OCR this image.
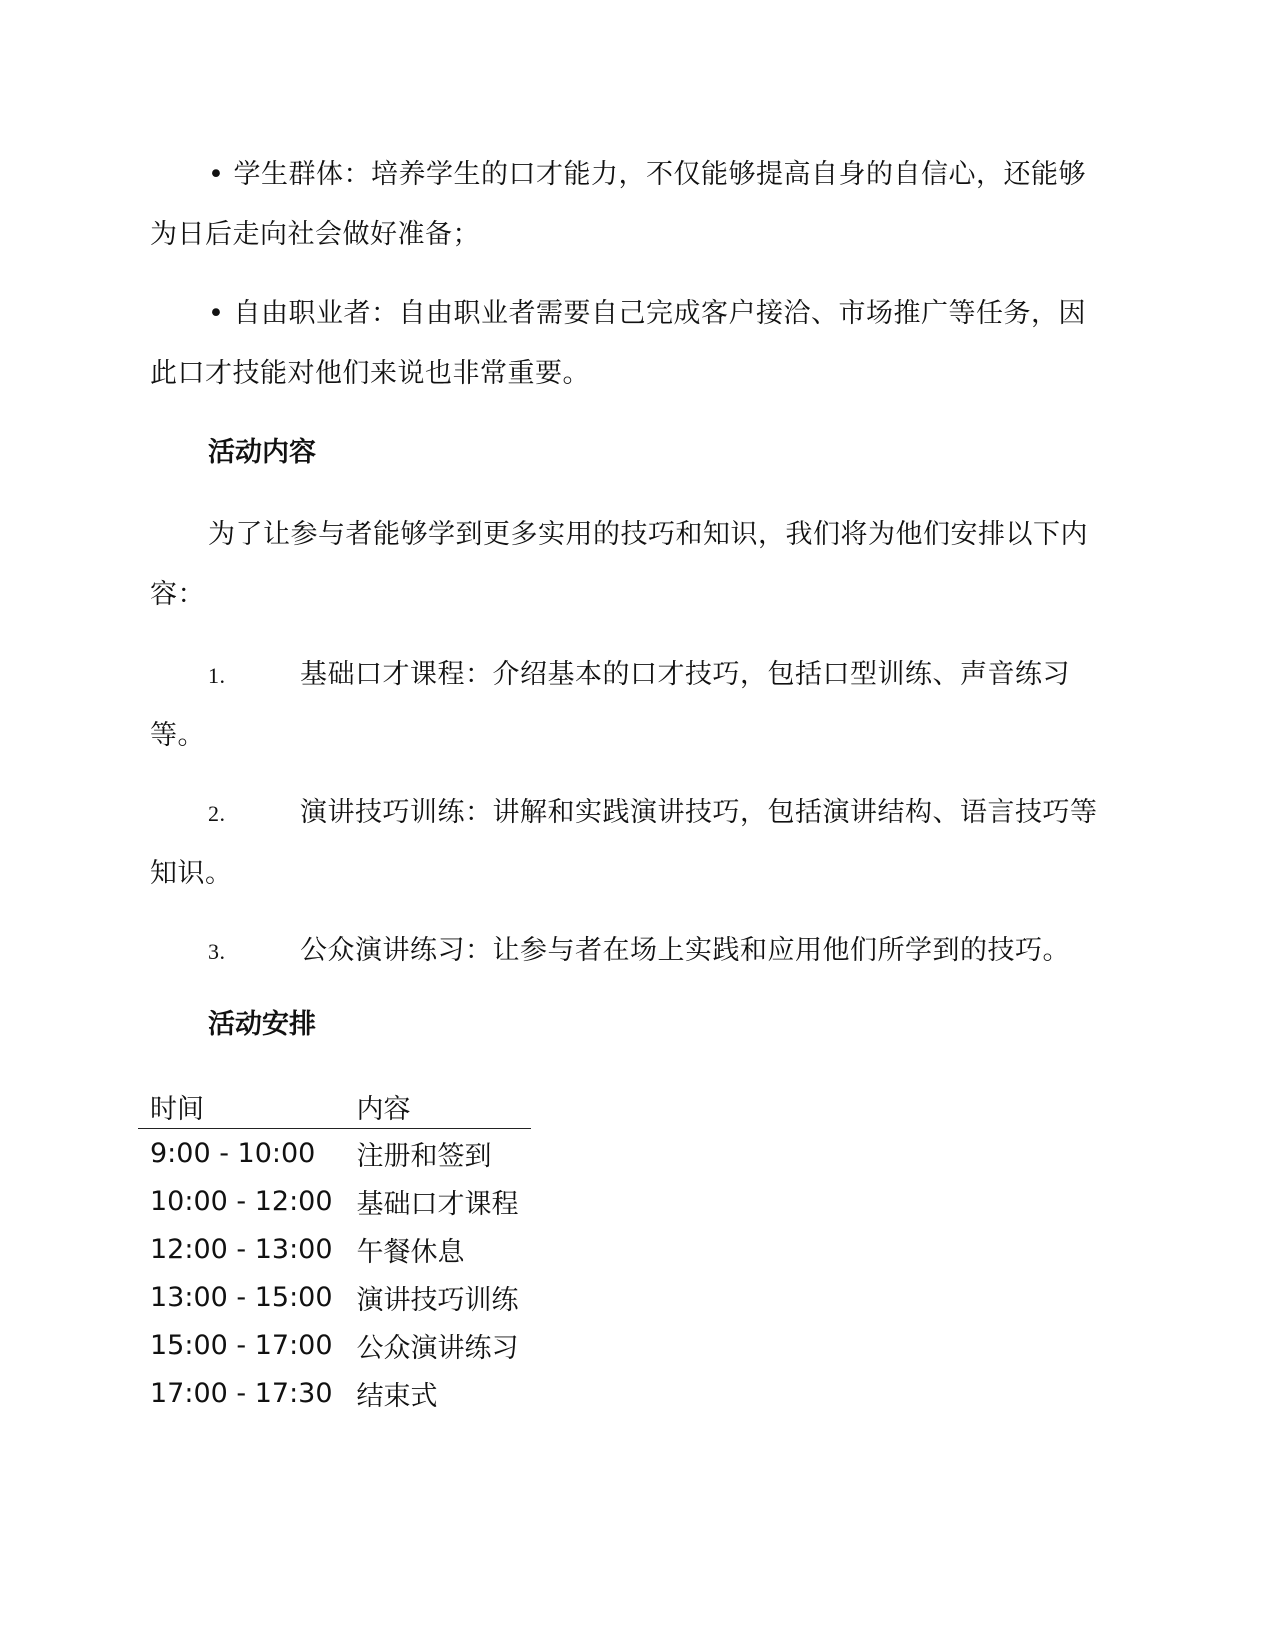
• 学生群体：培养学生的口才能力，不仅能够提高自身的自信心，还能够为日后走向社会做好准备；

• 自由职业者：自由职业者需要自己完成客户接洽、市场推广等任务，因此口才技能对他们来说也非常重要。

活动内容

为了让参与者能够学到更多实用的技巧和知识，我们将为他们安排以下内容：

1.	基础口才课程：介绍基本的口才技巧，包括口型训练、声音练习等。

2.	演讲技巧训练：讲解和实践演讲技巧，包括演讲结构、语言技巧等知识。

3.	公众演讲练习：让参与者在场上实践和应用他们所学到的技巧。

活动安排
时间	内容
9:00 - 10:00	注册和签到
10:00 - 12:00	基础口才课程
12:00 - 13:00	午餐休息
13:00 - 15:00	演讲技巧训练
15:00 - 17:00	公众演讲练习
17:00 - 17:30	结束式
